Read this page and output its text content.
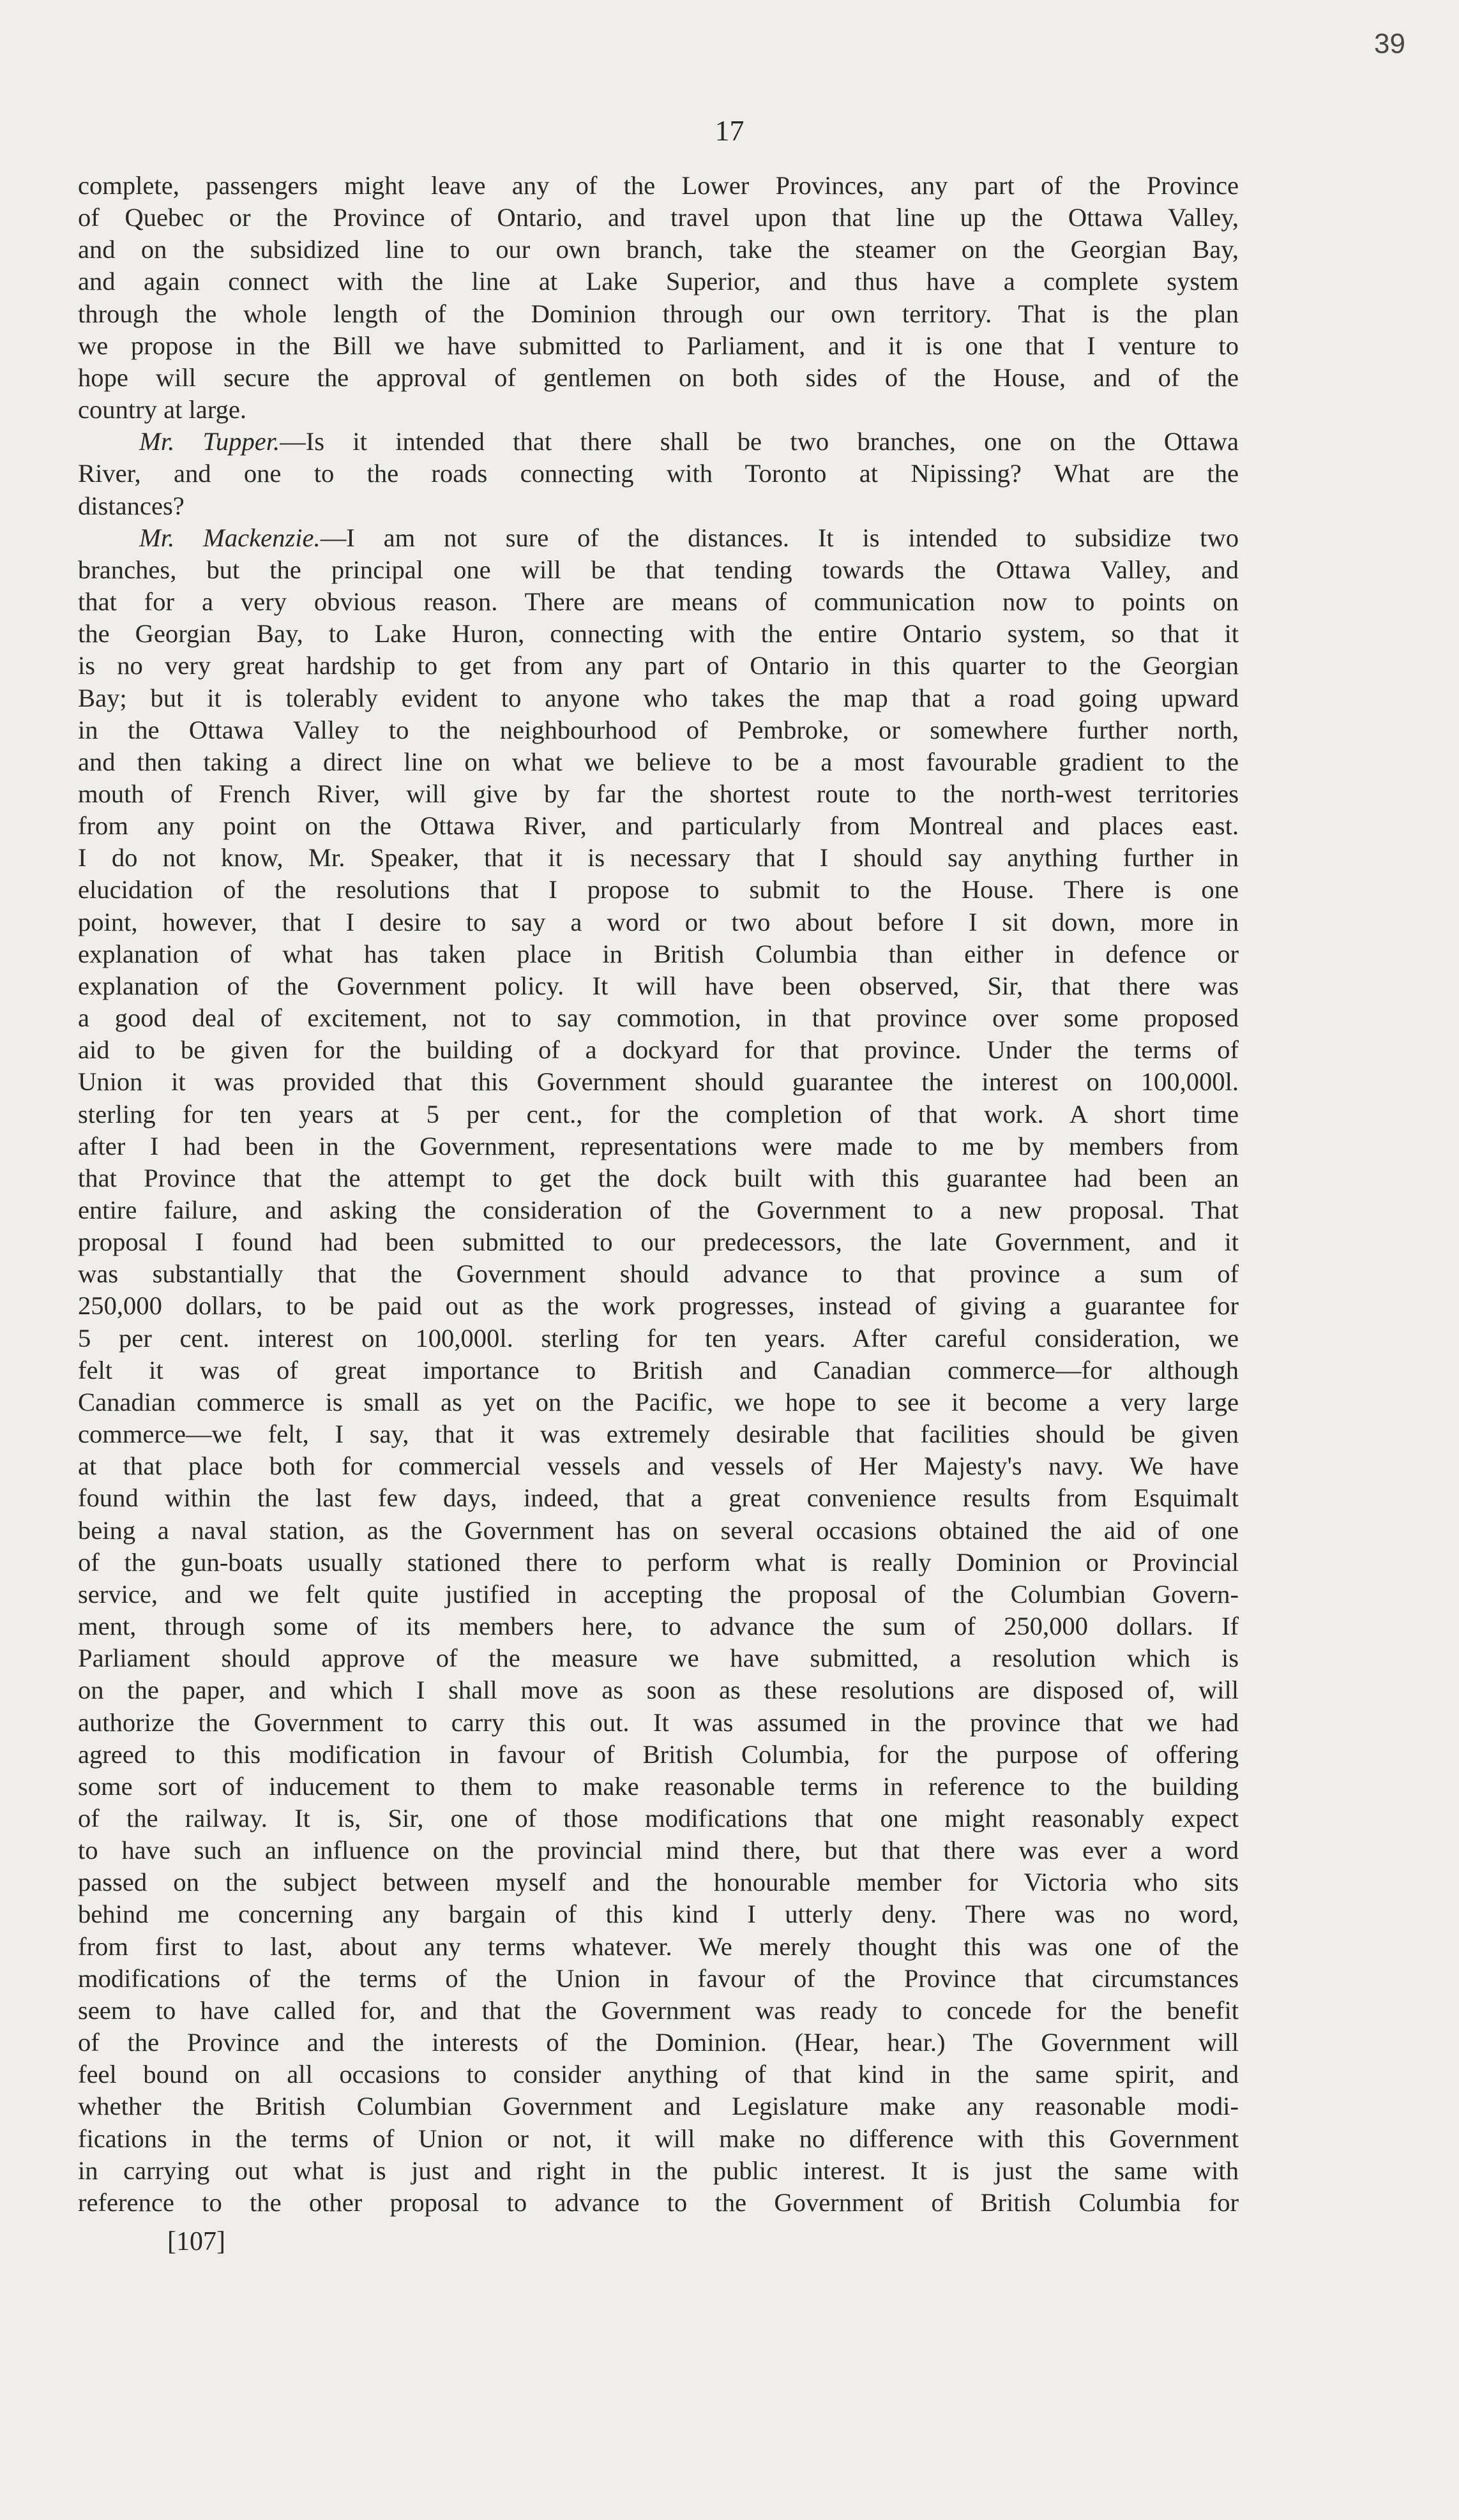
39
17
complete, passengers might leave any of the Lower Provinces, any part of the Province
of Quebec or the Province of Ontario, and travel upon that line up the Ottawa Valley,
and on the subsidized line to our own branch, take the steamer on the Georgian Bay,
and again connect with the line at Lake Superior, and thus have a complete system
through the whole length of the Dominion through our own territory. That is the plan
we propose in the Bill we have submitted to Parliament, and it is one that I venture to
hope will secure the approval of gentlemen on both sides of the House, and of the
country at large.
Mr. Tupper.—Is it intended that there shall be two branches, one on the Ottawa
River, and one to the roads connecting with Toronto at Nipissing? What are the
distances?
Mr. Mackenzie.—I am not sure of the distances. It is intended to subsidize two
branches, but the principal one will be that tending towards the Ottawa Valley, and
that for a very obvious reason. There are means of communication now to points on
the Georgian Bay, to Lake Huron, connecting with the entire Ontario system, so that it
is no very great hardship to get from any part of Ontario in this quarter to the Georgian
Bay; but it is tolerably evident to anyone who takes the map that a road going upward
in the Ottawa Valley to the neighbourhood of Pembroke, or somewhere further north,
and then taking a direct line on what we believe to be a most favourable gradient to the
mouth of French River, will give by far the shortest route to the north-west territories
from any point on the Ottawa River, and particularly from Montreal and places east.
I do not know, Mr. Speaker, that it is necessary that I should say anything further in
elucidation of the resolutions that I propose to submit to the House. There is one
point, however, that I desire to say a word or two about before I sit down, more in
explanation of what has taken place in British Columbia than either in defence or
explanation of the Government policy. It will have been observed, Sir, that there was
a good deal of excitement, not to say commotion, in that province over some proposed
aid to be given for the building of a dockyard for that province. Under the terms of
Union it was provided that this Government should guarantee the interest on 100,000l.
sterling for ten years at 5 per cent., for the completion of that work. A short time
after I had been in the Government, representations were made to me by members from
that Province that the attempt to get the dock built with this guarantee had been an
entire failure, and asking the consideration of the Government to a new proposal. That
proposal I found had been submitted to our predecessors, the late Government, and it
was substantially that the Government should advance to that province a sum of
250,000 dollars, to be paid out as the work progresses, instead of giving a guarantee for
5 per cent. interest on 100,000l. sterling for ten years. After careful consideration, we
felt it was of great importance to British and Canadian commerce—for although
Canadian commerce is small as yet on the Pacific, we hope to see it become a very large
commerce—we felt, I say, that it was extremely desirable that facilities should be given
at that place both for commercial vessels and vessels of Her Majesty's navy. We have
found within the last few days, indeed, that a great convenience results from Esquimalt
being a naval station, as the Government has on several occasions obtained the aid of one
of the gun-boats usually stationed there to perform what is really Dominion or Provincial
service, and we felt quite justified in accepting the proposal of the Columbian Govern-
ment, through some of its members here, to advance the sum of 250,000 dollars. If
Parliament should approve of the measure we have submitted, a resolution which is
on the paper, and which I shall move as soon as these resolutions are disposed of, will
authorize the Government to carry this out. It was assumed in the province that we had
agreed to this modification in favour of British Columbia, for the purpose of offering
some sort of inducement to them to make reasonable terms in reference to the building
of the railway. It is, Sir, one of those modifications that one might reasonably expect
to have such an influence on the provincial mind there, but that there was ever a word
passed on the subject between myself and the honourable member for Victoria who sits
behind me concerning any bargain of this kind I utterly deny. There was no word,
from first to last, about any terms whatever. We merely thought this was one of the
modifications of the terms of the Union in favour of the Province that circumstances
seem to have called for, and that the Government was ready to concede for the benefit
of the Province and the interests of the Dominion. (Hear, hear.) The Government will
feel bound on all occasions to consider anything of that kind in the same spirit, and
whether the British Columbian Government and Legislature make any reasonable modi-
fications in the terms of Union or not, it will make no difference with this Government
in carrying out what is just and right in the public interest. It is just the same with
reference to the other proposal to advance to the Government of British Columbia for
[107]
